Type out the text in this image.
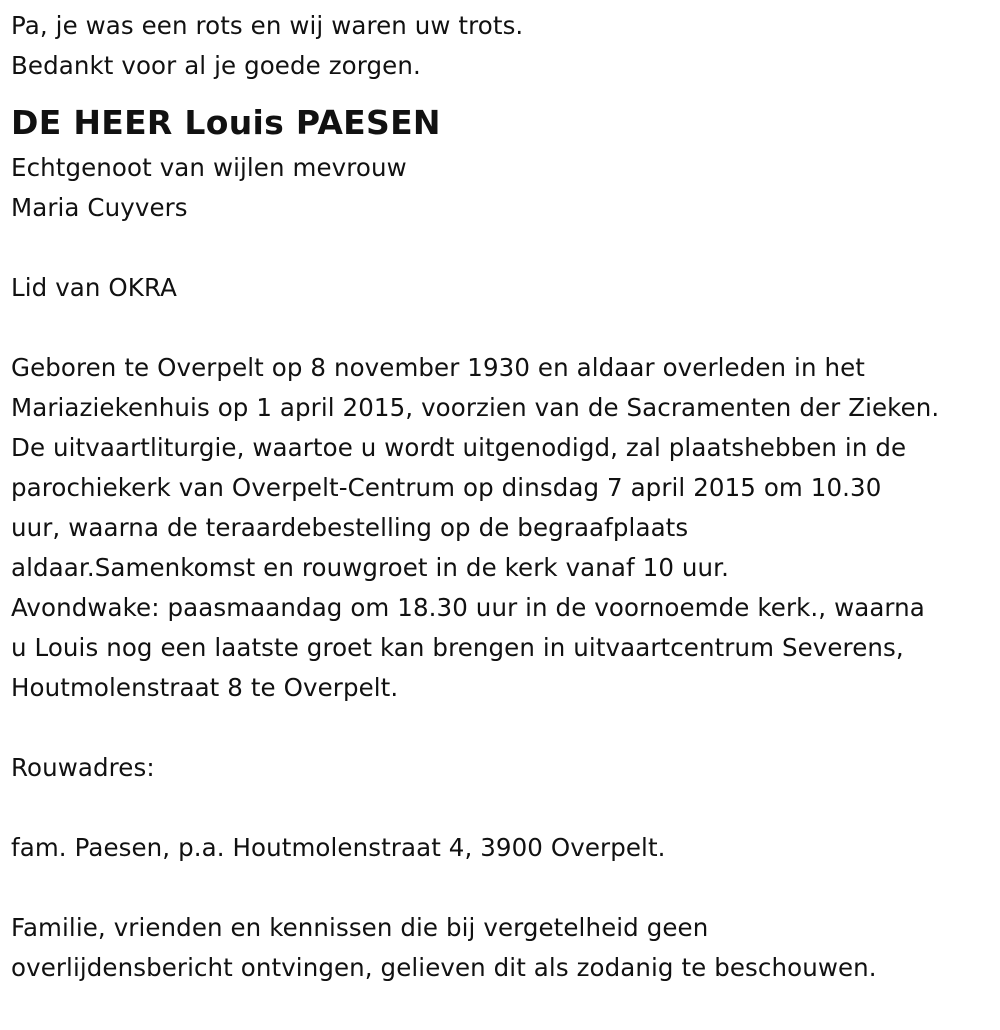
Pa, je was een rots en wij waren uw trots.
Bedankt voor al je goede zorgen.
DE HEER Louis PAESEN
Echtgenoot van wijlen mevrouw
Maria Cuyvers
Lid van OKRA
Geboren te Overpelt op 8 november 1930 en aldaar overleden in het
Mariaziekenhuis op 1 april 2015, voorzien van de Sacramenten der Zieken.
De uitvaartliturgie, waartoe u wordt uitgenodigd, zal plaatshebben in de
parochiekerk van Overpelt-Centrum op dinsdag 7 april 2015 om 10.30
uur, waarna de teraardebestelling op de begraafplaats
aldaar.Samenkomst en rouwgroet in de kerk vanaf 10 uur.
Avondwake: paasmaandag om 18.30 uur in de voornoemde kerk., waarna
u Louis nog een laatste groet kan brengen in uitvaartcentrum Severens,
Houtmolenstraat 8 te Overpelt.
Rouwadres:
fam. Paesen, p.a. Houtmolenstraat 4, 3900 Overpelt.
Familie, vrienden en kennissen die bij vergetelheid geen
overlijdensbericht ontvingen, gelieven dit als zodanig te beschouwen.
